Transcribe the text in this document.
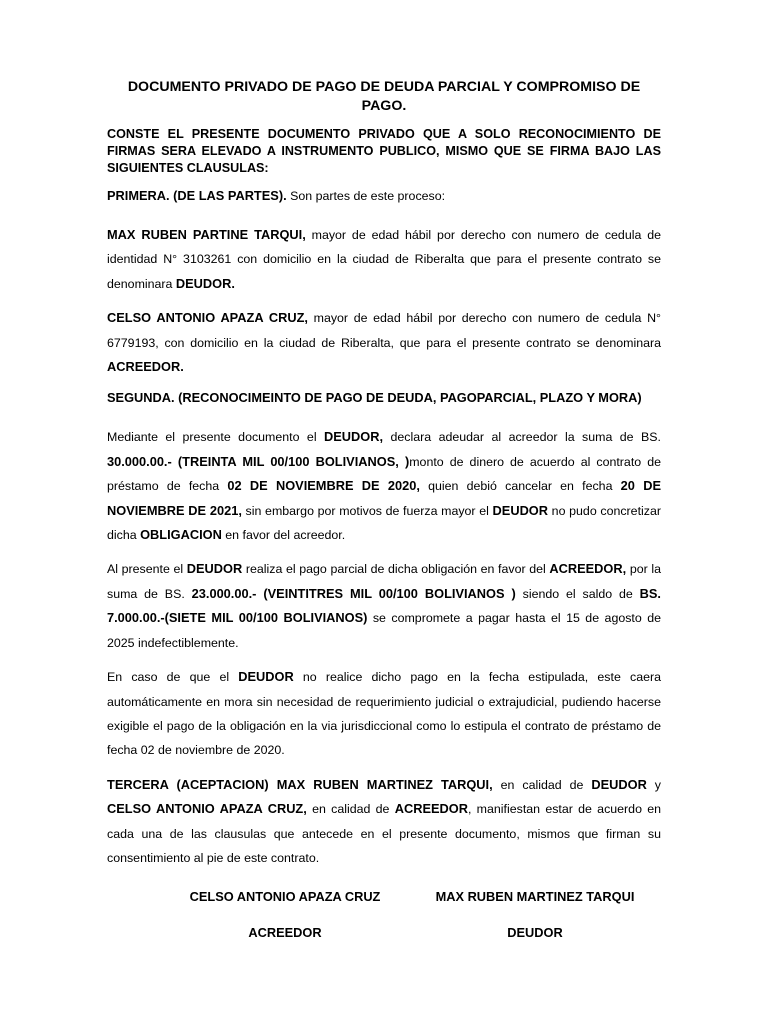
DOCUMENTO PRIVADO DE PAGO DE DEUDA PARCIAL Y COMPROMISO DE PAGO.

CONSTE EL PRESENTE DOCUMENTO PRIVADO QUE A SOLO RECONOCIMIENTO DE FIRMAS SERA ELEVADO A INSTRUMENTO PUBLICO, MISMO QUE SE FIRMA BAJO LAS SIGUIENTES CLAUSULAS:

PRIMERA. (DE LAS PARTES). Son partes de este proceso:

MAX RUBEN PARTINE TARQUI, mayor de edad hábil por derecho con numero de cedula de identidad N° 3103261 con domicilio en la ciudad de Riberalta que para el presente contrato se denominara DEUDOR.

CELSO ANTONIO APAZA CRUZ, mayor de edad hábil por derecho con numero de cedula N° 6779193, con domicilio en la ciudad de Riberalta, que para el presente contrato se denominara ACREEDOR.

SEGUNDA. (RECONOCIMEINTO DE PAGO DE DEUDA, PAGOPARCIAL, PLAZO Y MORA)

Mediante el presente documento el DEUDOR, declara adeudar al acreedor la suma de BS. 30.000.00.- (TREINTA MIL 00/100 BOLIVIANOS, )monto de dinero de acuerdo al contrato de préstamo de fecha 02 DE NOVIEMBRE DE 2020, quien debió cancelar en fecha 20 DE NOVIEMBRE DE 2021, sin embargo por motivos de fuerza mayor el DEUDOR no pudo concretizar dicha OBLIGACION en favor del acreedor.

Al presente el DEUDOR realiza el pago parcial de dicha obligación en favor del ACREEDOR, por la suma de BS. 23.000.00.- (VEINTITRES MIL 00/100 BOLIVIANOS ) siendo el saldo de BS. 7.000.00.-(SIETE MIL 00/100 BOLIVIANOS) se compromete a pagar hasta el 15 de agosto de 2025 indefectiblemente.

En caso de que el DEUDOR no realice dicho pago en la fecha estipulada, este caera automáticamente en mora sin necesidad de requerimiento judicial o extrajudicial, pudiendo hacerse exigible el pago de la obligación en la via jurisdiccional como lo estipula el contrato de préstamo de fecha 02 de noviembre de 2020.

TERCERA (ACEPTACION) MAX RUBEN MARTINEZ TARQUI, en calidad de DEUDOR y CELSO ANTONIO APAZA CRUZ, en calidad de ACREEDOR, manifiestan estar de acuerdo en cada una de las clausulas que antecede en el presente documento, mismos que firman su consentimiento al pie de este contrato.

CELSO ANTONIO APAZA CRUZ
ACREEDOR
MAX RUBEN MARTINEZ TARQUI
DEUDOR
